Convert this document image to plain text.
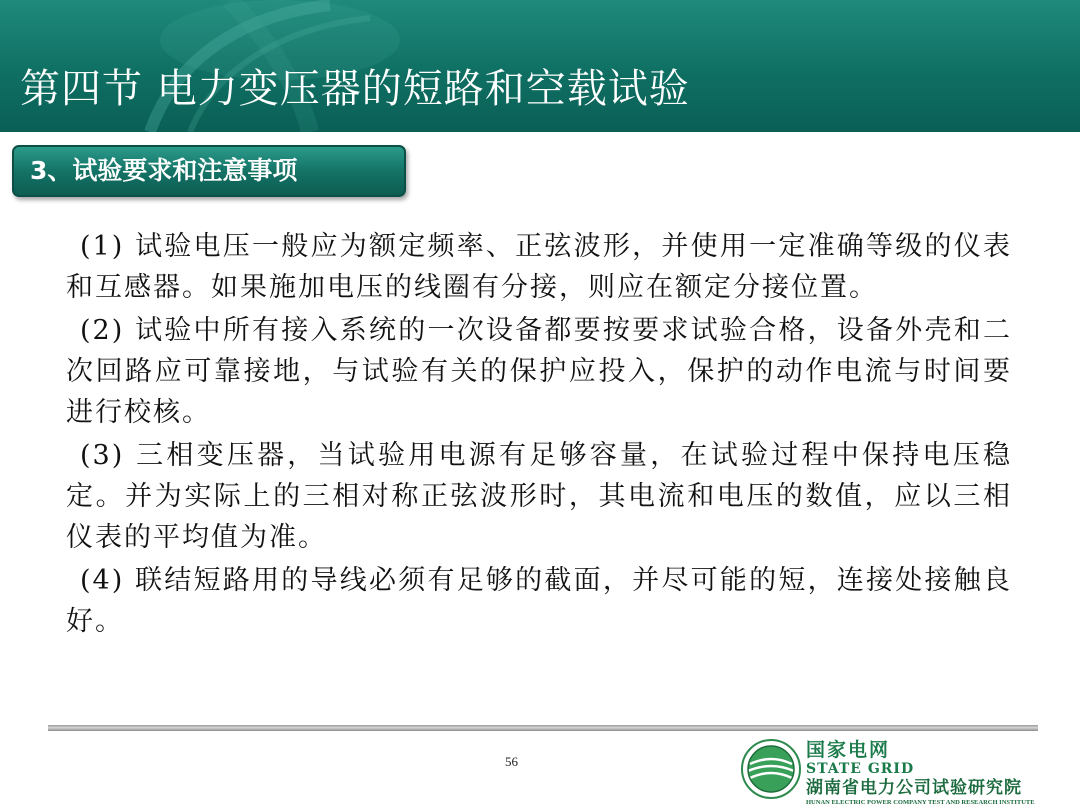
第四节 电力变压器的短路和空载试验
3、试验要求和注意事项

(1) 试验电压一般应为额定频率、正弦波形，并使用一定准确等级的仪表和互感器。如果施加电压的线圈有分接，则应在额定分接位置。

(2) 试验中所有接入系统的一次设备都要按要求试验合格，设备外壳和二次回路应可靠接地，与试验有关的保护应投入，保护的动作电流与时间要进行校核。

(3) 三相变压器，当试验用电源有足够容量，在试验过程中保持电压稳定。并为实际上的三相对称正弦波形时，其电流和电压的数值，应以三相仪表的平均值为准。

(4) 联结短路用的导线必须有足够的截面，并尽可能的短，连接处接触良好。

56
国家电网
STATE GRID
湖南省电力公司试验研究院
HUNAN ELECTRIC POWER COMPANY TEST AND RESEARCH INSTITUTE
